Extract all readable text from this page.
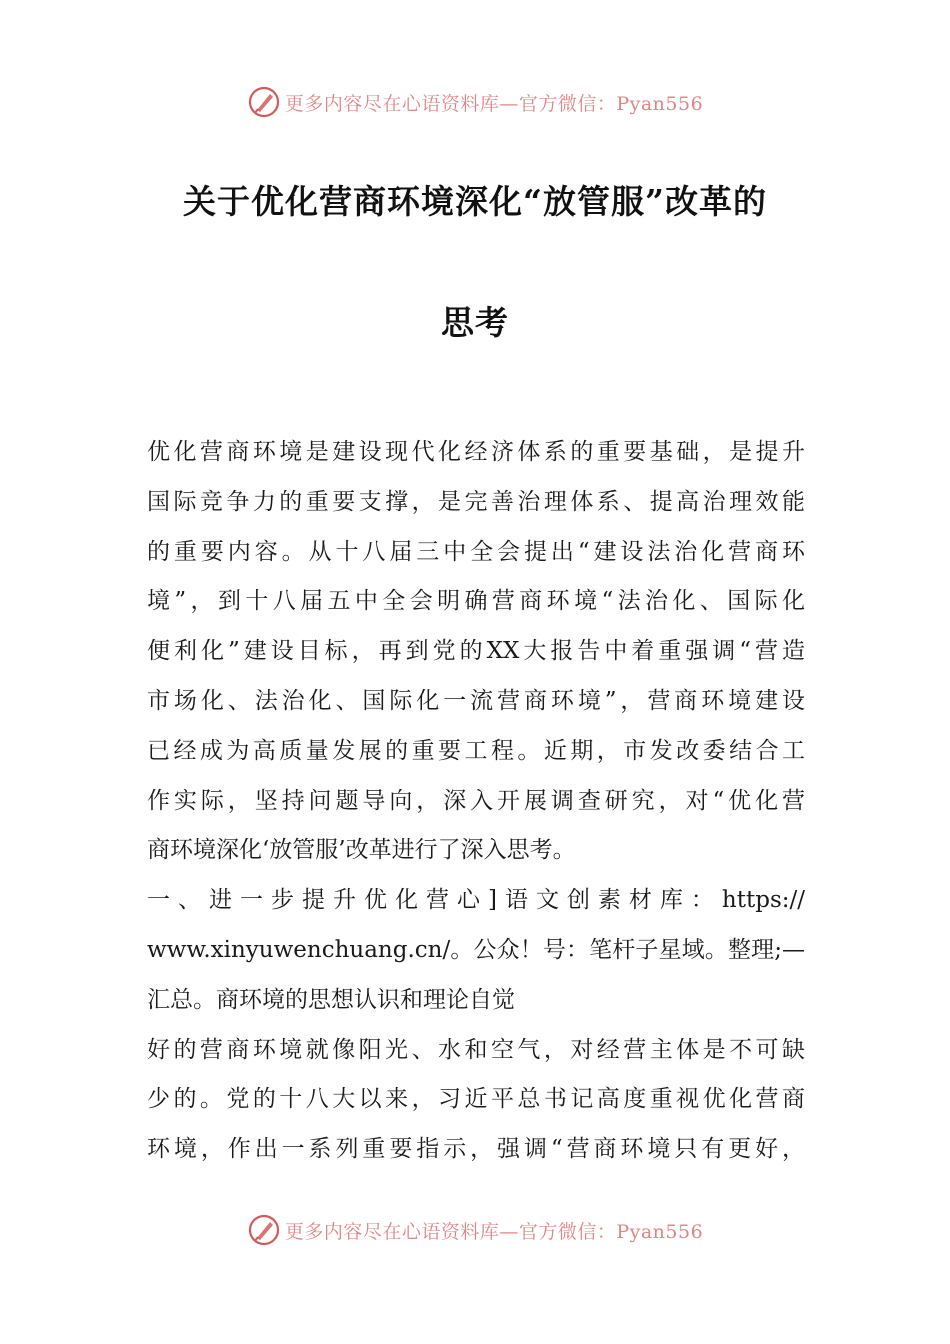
更多内容尽在心语资料库—官方微信：Pyan556
关于优化营商环境深化“放管服”改革的
思考
优化营商环境是建设现代化经济体系的重要基础，是提升
国际竞争力的重要支撑，是完善治理体系、提高治理效能
的重要内容。从十八届三中全会提出“建设法治化营商环
境”，到十八届五中全会明确营商环境“法治化、国际化
便利化”建设目标，再到党的XX大报告中着重强调“营造
市场化、法治化、国际化一流营商环境”，营商环境建设
已经成为高质量发展的重要工程。近期，市发改委结合工
作实际，坚持问题导向，深入开展调查研究，对“优化营
商环境深化‘放管服’改革进行了深入思考。
一、进一步提升优化营心]语文创素材库：https://
www.xinyuwenchuang.cn/。公众！号：笔杆子星域。整理;—
汇总。商环境的思想认识和理论自觉
好的营商环境就像阳光、水和空气，对经营主体是不可缺
少的。党的十八大以来，习近平总书记高度重视优化营商
环境，作出一系列重要指示，强调“营商环境只有更好，
更多内容尽在心语资料库—官方微信：Pyan556
